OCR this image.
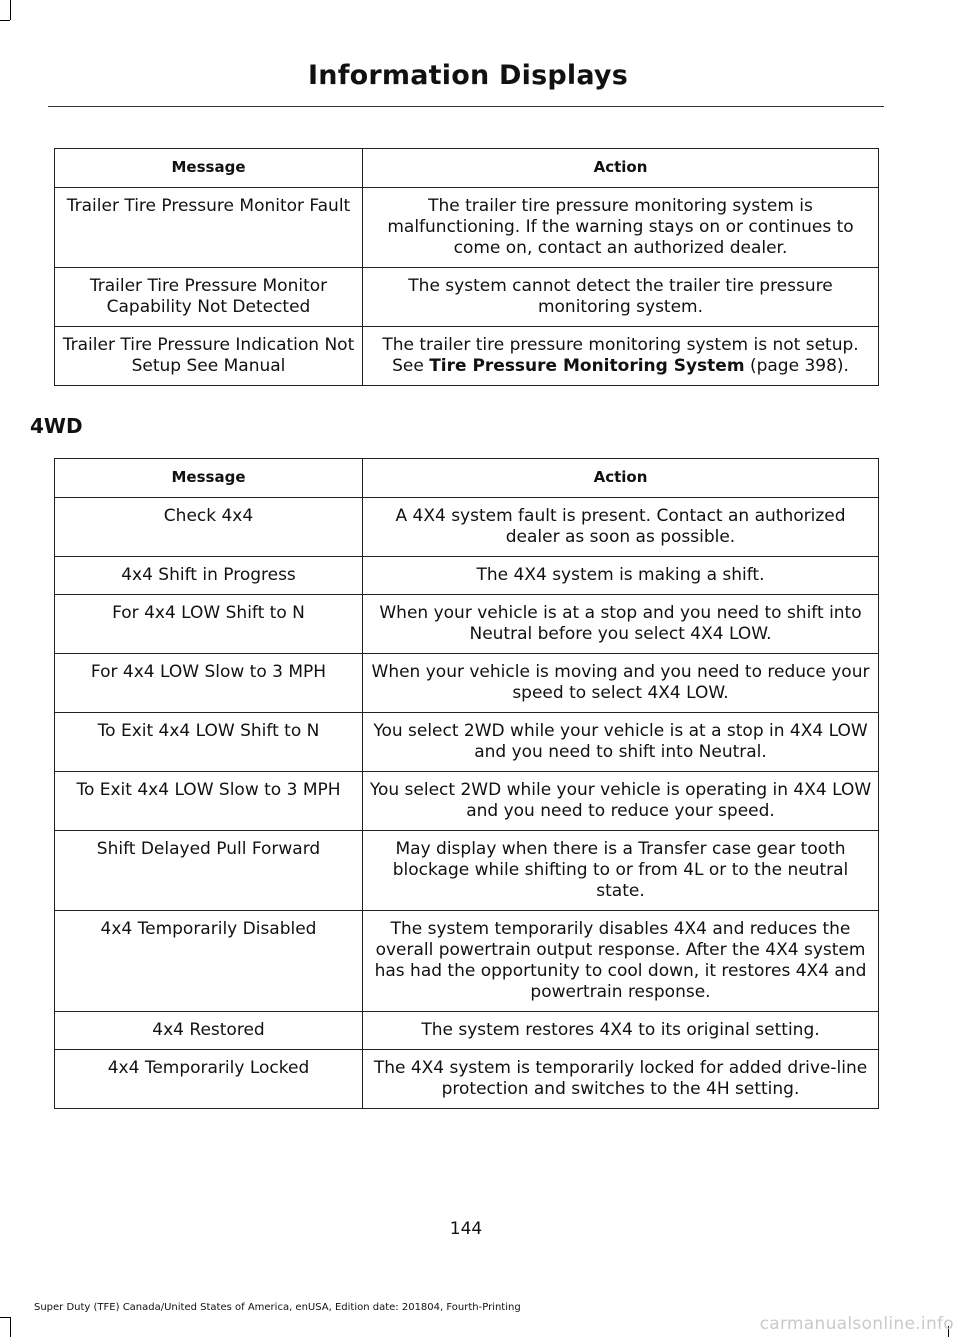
Information Displays
Message	Action
Trailer Tire Pressure Monitor Fault	The trailer tire pressure monitoring system is malfunctioning. If the warning stays on or continues to come on, contact an authorized dealer.
Trailer Tire Pressure Monitor Capability Not Detected	The system cannot detect the trailer tire pressure monitoring system.
Trailer Tire Pressure Indication Not Setup See Manual	The trailer tire pressure monitoring system is not setup. See Tire Pressure Monitoring System (page 398).
4WD
Message	Action
Check 4x4	A 4X4 system fault is present. Contact an authorized dealer as soon as possible.
4x4 Shift in Progress	The 4X4 system is making a shift.
For 4x4 LOW Shift to N	When your vehicle is at a stop and you need to shift into Neutral before you select 4X4 LOW.
For 4x4 LOW Slow to 3 MPH	When your vehicle is moving and you need to reduce your speed to select 4X4 LOW.
To Exit 4x4 LOW Shift to N	You select 2WD while your vehicle is at a stop in 4X4 LOW and you need to shift into Neutral.
To Exit 4x4 LOW Slow to 3 MPH	You select 2WD while your vehicle is operating in 4X4 LOW and you need to reduce your speed.
Shift Delayed Pull Forward	May display when there is a Transfer case gear tooth blockage while shifting to or from 4L or to the neutral state.
4x4 Temporarily Disabled	The system temporarily disables 4X4 and reduces the overall powertrain output response. After the 4X4 system has had the opportunity to cool down, it restores 4X4 and powertrain response.
4x4 Restored	The system restores 4X4 to its original setting.
4x4 Temporarily Locked	The 4X4 system is temporarily locked for added drive-line protection and switches to the 4H setting.
144
Super Duty (TFE) Canada/United States of America, enUSA, Edition date: 201804, Fourth-Printing
carmanualsonline.info
